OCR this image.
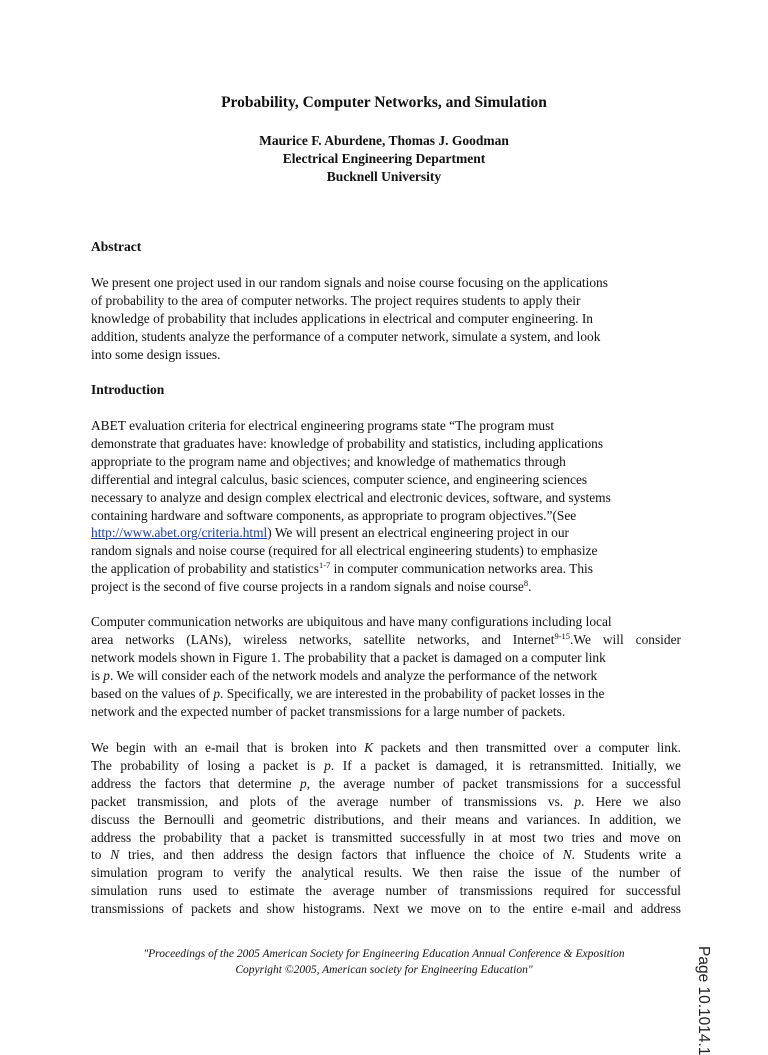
Probability, Computer Networks, and Simulation
Maurice F. Aburdene, Thomas J. Goodman
Electrical Engineering Department
Bucknell University
Abstract
We present one project used in our random signals and noise course focusing on the applications
of probability to the area of computer networks. The project requires students to apply their
knowledge of probability that includes applications in electrical and computer engineering. In
addition, students analyze the performance of a computer network, simulate a system, and look
into some design issues.
Introduction
ABET evaluation criteria for electrical engineering programs state “The program must
demonstrate that graduates have: knowledge of probability and statistics, including applications
appropriate to the program name and objectives; and knowledge of mathematics through
differential and integral calculus, basic sciences, computer science, and engineering sciences
necessary to analyze and design complex electrical and electronic devices, software, and systems
containing hardware and software components, as appropriate to program objectives.”(See
http://www.abet.org/criteria.html) We will present an electrical engineering project in our
random signals and noise course (required for all electrical engineering students) to emphasize
the application of probability and statistics$^{1-7}$ in computer communication networks area. This
project is the second of five course projects in a random signals and noise course$^8$.
Computer communication networks are ubiquitous and have many configurations including local
area networks (LANs), wireless networks, satellite networks, and Internet$^{9-15}$.We will consider
network models shown in Figure 1. The probability that a packet is damaged on a computer link
is p. We will consider each of the network models and analyze the performance of the network
based on the values of p. Specifically, we are interested in the probability of packet losses in the
network and the expected number of packet transmissions for a large number of packets.
We begin with an e-mail that is broken into K packets and then transmitted over a computer link.
The probability of losing a packet is p. If a packet is damaged, it is retransmitted. Initially, we
address the factors that determine p, the average number of packet transmissions for a successful
packet transmission, and plots of the average number of transmissions vs. p. Here we also
discuss the Bernoulli and geometric distributions, and their means and variances. In addition, we
address the probability that a packet is transmitted successfully in at most two tries and move on
to N tries, and then address the design factors that influence the choice of N. Students write a
simulation program to verify the analytical results. We then raise the issue of the number of
simulation runs used to estimate the average number of transmissions required for successful
transmissions of packets and show histograms. Next we move on to the entire e-mail and address
"Proceedings of the 2005 American Society for Engineering Education Annual Conference & Exposition
Copyright ©2005, American society for Engineering Education"	Page 10.1014.1
